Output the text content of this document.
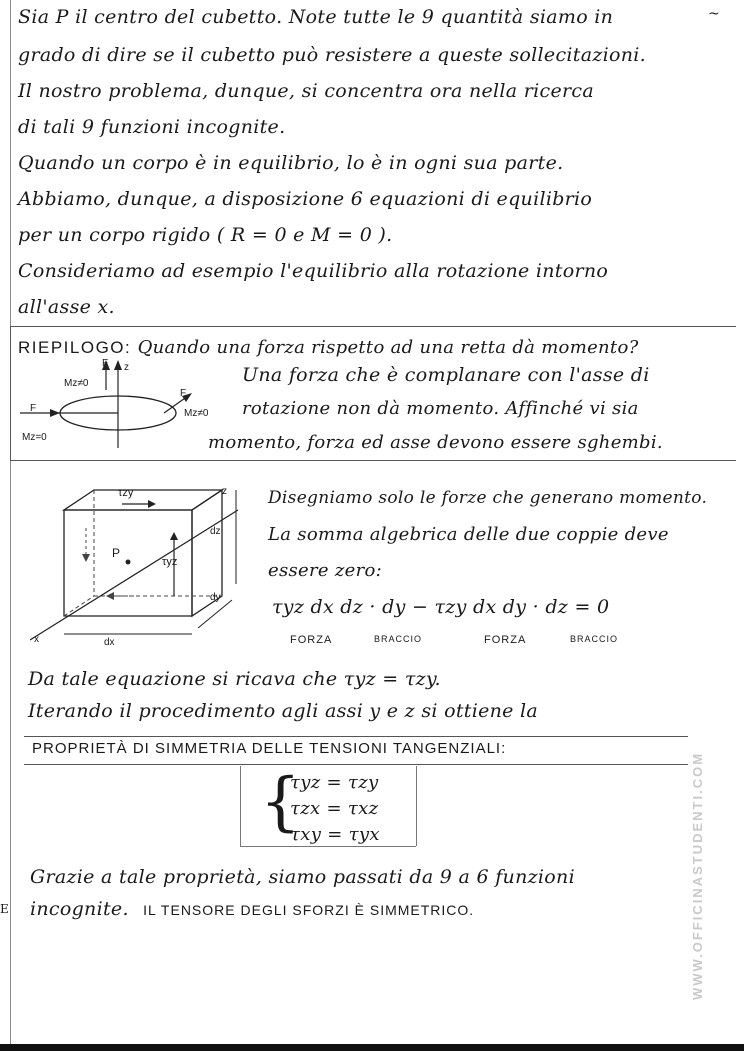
~
Sia P il centro del cubetto. Note tutte le 9 quantità siamo in
grado di dire se il cubetto può resistere a queste sollecitazioni.
Il nostro problema, dunque, si concentra ora nella ricerca
di tali 9 funzioni incognite.
Quando un corpo è in equilibrio, lo è in ogni sua parte.
Abbiamo, dunque, a disposizione 6 equazioni di equilibrio
per un corpo rigido ( R = 0 e M = 0 ).
Consideriamo ad esempio l'equilibrio alla rotazione intorno
all'asse x.
RIEPILOGO: Quando una forza rispetto ad una retta dà momento?
F z
Mz≠0
F
Mz=0
F
Mz≠0
Una forza che è complanare con l'asse di
rotazione non dà momento. Affinché vi sia
momento, forza ed asse devono essere sghembi.
τzy
τyz
P
z
dz
dy
dx
x
Disegniamo solo le forze che generano momento.
La somma algebrica delle due coppie deve
essere zero:
τyz dx dz · dy − τzy dx dy · dz = 0
FORZA	BRACCIO	FORZA	BRACCIO
Da tale equazione si ricava che τyz = τzy.
Iterando il procedimento agli assi y e z si ottiene la
PROPRIETÀ DI SIMMETRIA DELLE TENSIONI TANGENZIALI:
{
τyz = τzy
τzx = τxz
τxy = τyx
Grazie a tale proprietà, siamo passati da 9 a 6 funzioni
incognite. IL TENSORE DEGLI SFORZI È SIMMETRICO.
E	WWW.OFFICINASTUDENTI.COM
